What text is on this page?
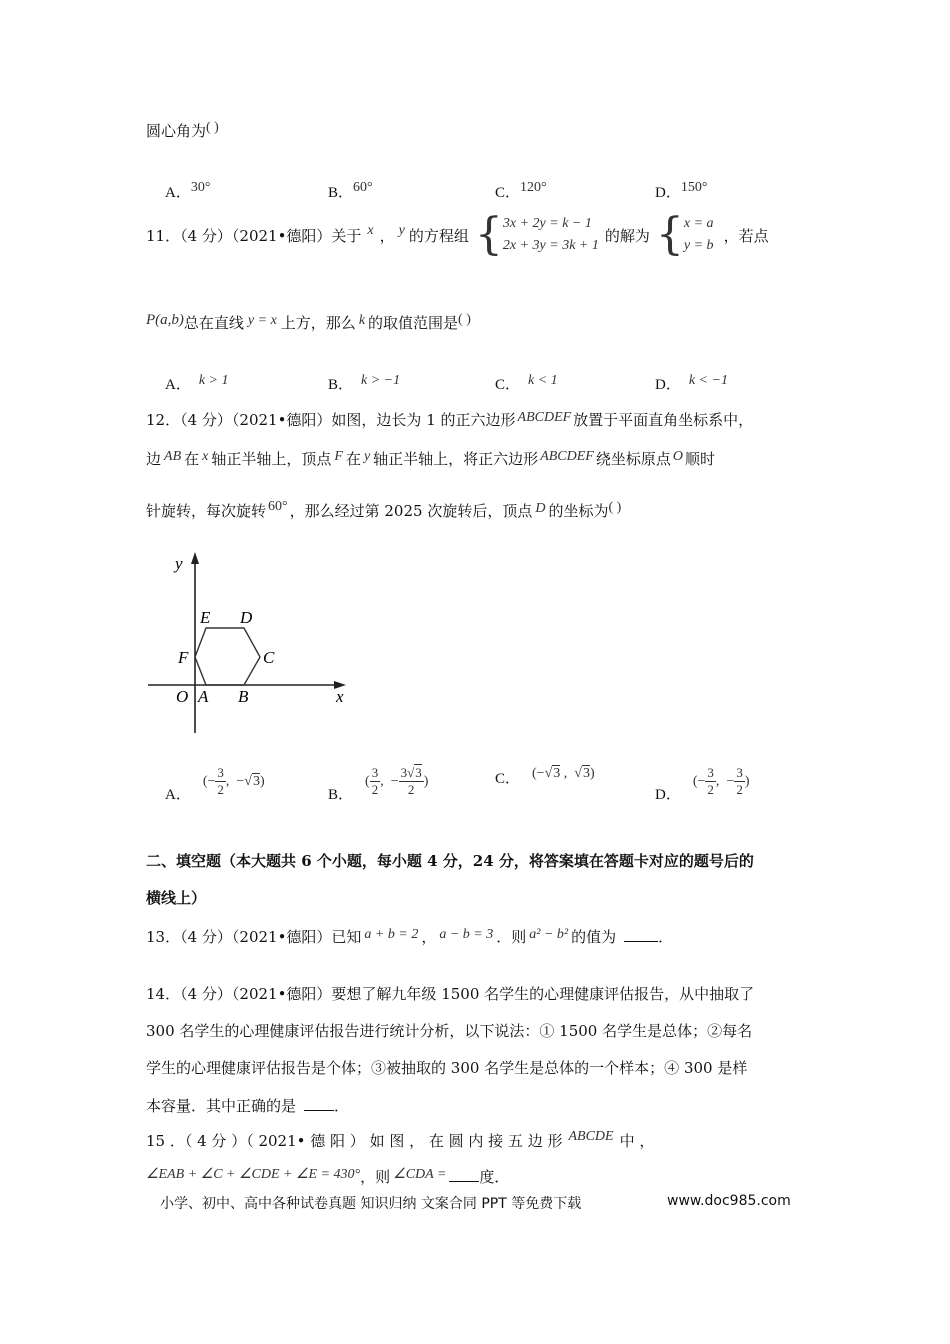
圆心角为( )
A．30°	B．60°	C．120°	D．150°
11．（4 分）（2021•德阳）关于 x ， y 的方程组 { 3x + 2y = k − 1
2x + 3y = 3k + 1
的解为 { x = a
y = b
，若点
P(a,b)总在直线 y = x 上方，那么 k 的取值范围是( )
A． k > 1	B． k > −1	C． k < 1	D． k < −1
12．（4 分）（2021•德阳）如图，边长为 1 的正六边形 ABCDEF 放置于平面直角坐标系中，
边 AB 在 x 轴正半轴上，顶点 F 在 y 轴正半轴上，将正六边形 ABCDEF 绕坐标原点 O 顺时
针旋转，每次旋转 60° ，那么经过第 2025 次旋转后，顶点 D 的坐标为( )
y
x
O A B
C
D
E
F
A．
(− $\frac{3}{2}$ ,  −√ 3 )
B．
( $\frac{3}{2}$ ,  − $\frac{3√3}{2}$ )	C． (−√ 3 ,  √ 3 )
D．
(− $\frac{3}{2}$ ,  − $\frac{3}{2}$ )
二、填空题（本大题共 6 个小题，每小题 4 分，24 分，将答案填在答题卡对应的题号后的
横线上）
13．（4 分）（2021•德阳）已知 a + b = 2 ， a − b = 3 ．则 a² − b² 的值为	．
14．（4 分）（2021•德阳）要想了解九年级 1500 名学生的心理健康评估报告，从中抽取了
300 名学生的心理健康评估报告进行统计分析，以下说法：① 1500 名学生是总体；②每名
学生的心理健康评估报告是个体；③被抽取的 300 名学生是总体的一个样本；④ 300 是样
本容量．其中正确的是	．
15 ．（ 4 分 ）（ 2021• 德 阳 ） 如 图 ， 在 圆 内 接 五 边 形 ABCDE 中 ，
∠EAB + ∠C + ∠CDE + ∠E = 430°，则 ∠CDA = 度．
小学、初中、高中各种试卷真题 知识归纳 文案合同 PPT 等免费下载	www.doc985.com
